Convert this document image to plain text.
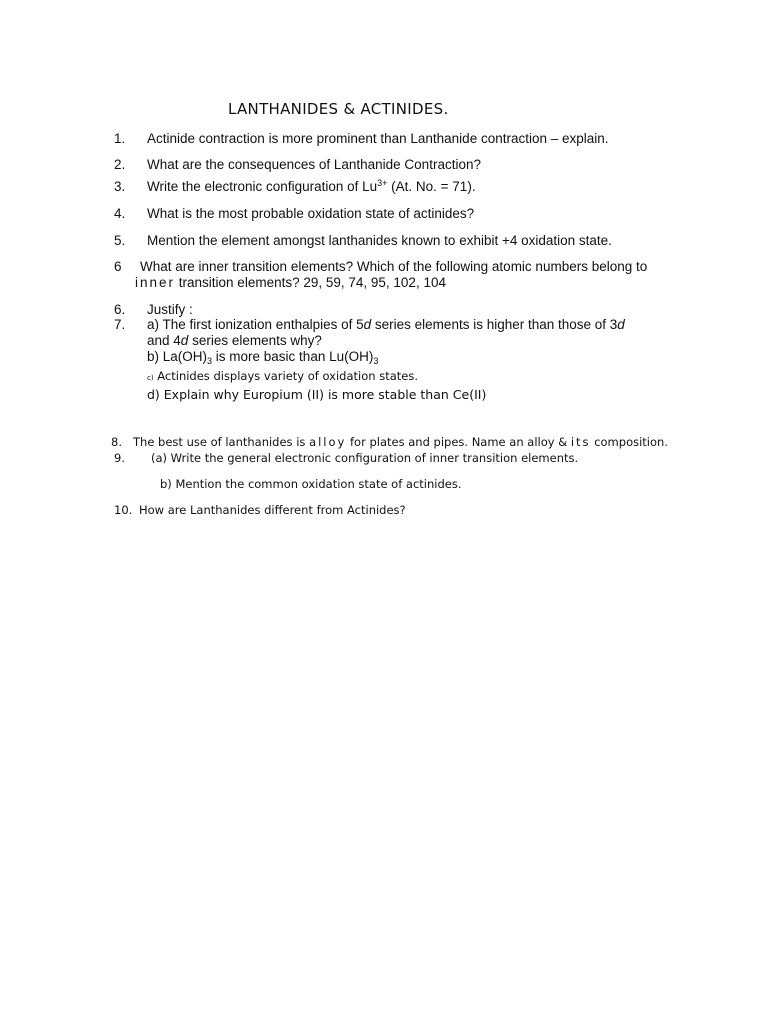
LANTHANIDES & ACTINIDES.
1. Actinide contraction is more prominent than Lanthanide contraction – explain.
2. What are the consequences of Lanthanide Contraction?
3. Write the electronic configuration of $Lu^{3+}$ (At. No. = 71).
4. What is the most probable oxidation state of actinides?
5. Mention the element amongst lanthanides known to exhibit +4 oxidation state.
6 What are inner transition elements? Which of the following atomic numbers belong to
inner transition elements? 29, 59, 74, 95, 102, 104
6. Justify :
7. a) The first ionization enthalpies of 5d series elements is higher than those of 3d
and 4d series elements why?
b) $La(OH)_3$ is more basic than $Lu(OH)_3$
c) Actinides displays variety of oxidation states.
d) Explain why Europium (II) is more stable than Ce(II)
8. The best use of lanthanides is alloy for plates and pipes. Name an alloy & its composition.
9. (a) Write the general electronic configuration of inner transition elements.
b) Mention the common oxidation state of actinides.
10. How are Lanthanides different from Actinides?
